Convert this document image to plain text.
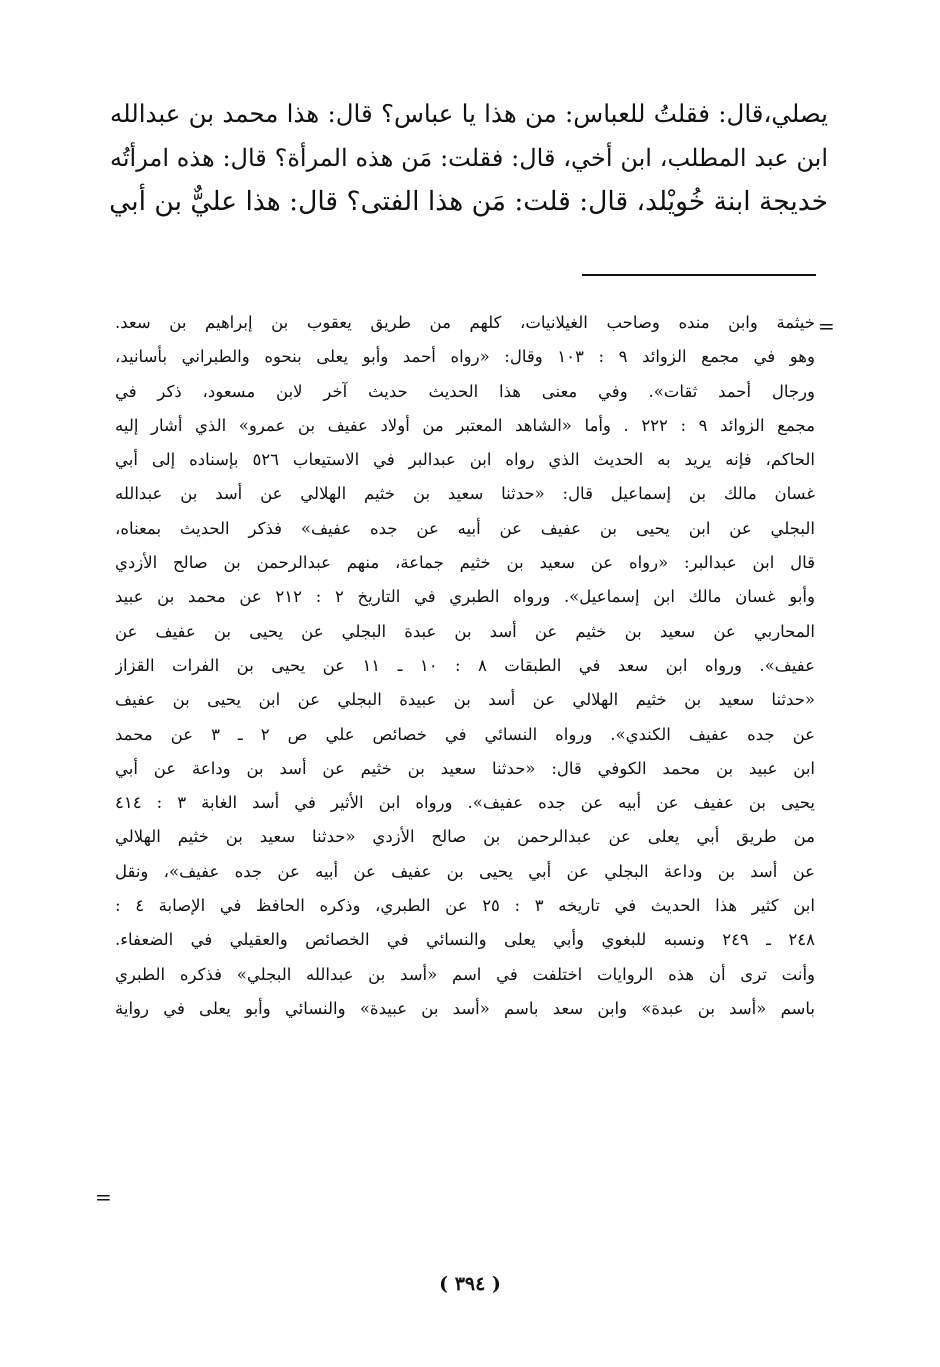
يصلي،قال: فقلتُ للعباس: من هذا يا عباس؟ قال: هذا محمد بن عبدالله
ابن عبد المطلب، ابن أخي، قال: فقلت: مَن هذه المرأة؟ قال: هذه امرأتُه
خديجة ابنة خُويْلد، قال: قلت: مَن هذا الفتى؟ قال: هذا عليٌّ بن أبي
=
خيثمة وابن منده وصاحب الغيلانيات، كلهم من طريق يعقوب بن إبراهيم بن سعد.
وهو في مجمع الزوائد ٩ : ١٠٣ وقال: «رواه أحمد وأبو يعلى بنحوه والطبراني بأسانيد،
ورجال أحمد ثقات». وفي معنى هذا الحديث حديث آخر لابن مسعود، ذكر في
مجمع الزوائد ٩ : ٢٢٢ . وأما «الشاهد المعتبر من أولاد عفيف بن عمرو» الذي أشار إليه
الحاكم، فإنه يريد به الحديث الذي رواه ابن عبدالبر في الاستيعاب ٥٢٦ بإسناده إلى أبي
غسان مالك بن إسماعيل قال: «حدثنا سعيد بن خثيم الهلالي عن أسد بن عبدالله
البجلي عن ابن يحيى بن عفيف عن أبيه عن جده عفيف» فذكر الحديث بمعناه،
قال ابن عبدالبر: «رواه عن سعيد بن خثيم جماعة، منهم عبدالرحمن بن صالح الأزدي
وأبو غسان مالك ابن إسماعيل». ورواه الطبري في التاريخ ٢ : ٢١٢ عن محمد بن عبيد
المحاربي عن سعيد بن خثيم عن أسد بن عبدة البجلي عن يحيى بن عفيف عن
عفيف». ورواه ابن سعد في الطبقات ٨ : ١٠ ـ ١١ عن يحيى بن الفرات القزاز
«حدثنا سعيد بن خثيم الهلالي عن أسد بن عبيدة البجلي عن ابن يحيى بن عفيف
عن جده عفيف الكندي». ورواه النسائي في خصائص علي ص ٢ ـ ٣ عن محمد
ابن عبيد بن محمد الكوفي قال: «حدثنا سعيد بن خثيم عن أسد بن وداعة عن أبي
يحيى بن عفيف عن أبيه عن جده عفيف». ورواه ابن الأثير في أسد الغابة ٣ : ٤١٤
من طريق أبي يعلى عن عبدالرحمن بن صالح الأزدي «حدثنا سعيد بن خثيم الهلالي
عن أسد بن وداعة البجلي عن أبي يحيى بن عفيف عن أبيه عن جده عفيف»، ونقل
ابن كثير هذا الحديث في تاريخه ٣ : ٢٥ عن الطبري، وذكره الحافظ في الإصابة ٤ :
٢٤٨ ـ ٢٤٩ ونسبه للبغوي وأبي يعلى والنسائي في الخصائص والعقيلي في الضعفاء.
وأنت ترى أن هذه الروايات اختلفت في اسم «أسد بن عبدالله البجلي» فذكره الطبري
باسم «أسد بن عبدة» وابن سعد باسم «أسد بن عبيدة» والنسائي وأبو يعلى في رواية
=
( ٣٩٤ )
